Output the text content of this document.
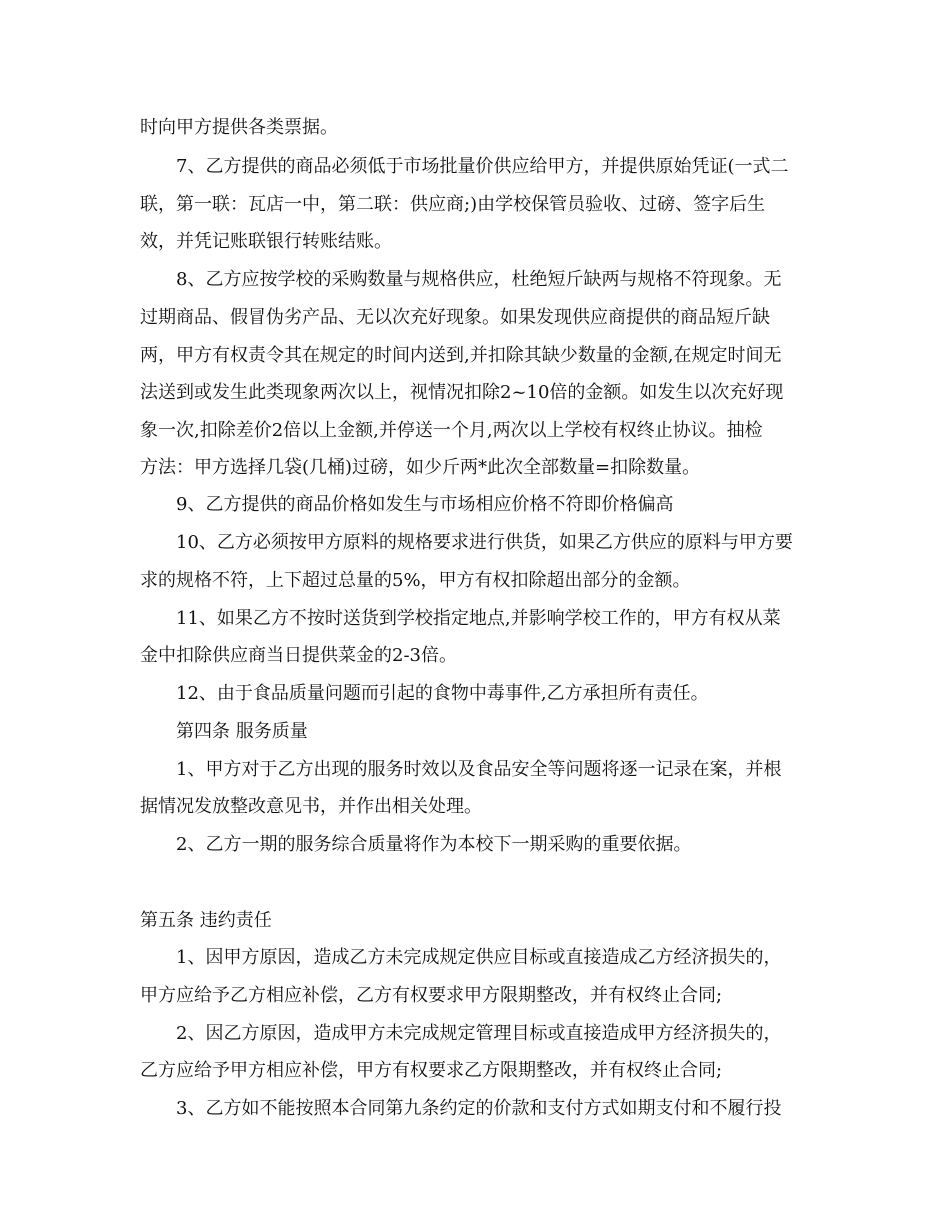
时向甲方提供各类票据。
7、乙方提供的商品必须低于市场批量价供应给甲方，并提供原始凭证(一式二
联，第一联：瓦店一中，第二联：供应商;)由学校保管员验收、过磅、签字后生
效，并凭记账联银行转账结账。
8、乙方应按学校的采购数量与规格供应，杜绝短斤缺两与规格不符现象。无
过期商品、假冒伪劣产品、无以次充好现象。如果发现供应商提供的商品短斤缺
两，甲方有权责令其在规定的时间内送到,并扣除其缺少数量的金额,在规定时间无
法送到或发生此类现象两次以上，视情况扣除2~10倍的金额。如发生以次充好现
象一次,扣除差价2倍以上金额,并停送一个月,两次以上学校有权终止协议。抽检
方法：甲方选择几袋(几桶)过磅，如少斤两*此次全部数量=扣除数量。
9、乙方提供的商品价格如发生与市场相应价格不符即价格偏高
10、乙方必须按甲方原料的规格要求进行供货，如果乙方供应的原料与甲方要
求的规格不符，上下超过总量的5%，甲方有权扣除超出部分的金额。
11、如果乙方不按时送货到学校指定地点,并影响学校工作的，甲方有权从菜
金中扣除供应商当日提供菜金的2-3倍。
12、由于食品质量问题而引起的食物中毒事件,乙方承担所有责任。
第四条 服务质量
1、甲方对于乙方出现的服务时效以及食品安全等问题将逐一记录在案，并根
据情况发放整改意见书，并作出相关处理。
2、乙方一期的服务综合质量将作为本校下一期采购的重要依据。
第五条 违约责任
1、因甲方原因，造成乙方未完成规定供应目标或直接造成乙方经济损失的，
甲方应给予乙方相应补偿，乙方有权要求甲方限期整改，并有权终止合同;
2、因乙方原因，造成甲方未完成规定管理目标或直接造成甲方经济损失的，
乙方应给予甲方相应补偿，甲方有权要求乙方限期整改，并有权终止合同;
3、乙方如不能按照本合同第九条约定的价款和支付方式如期支付和不履行投
